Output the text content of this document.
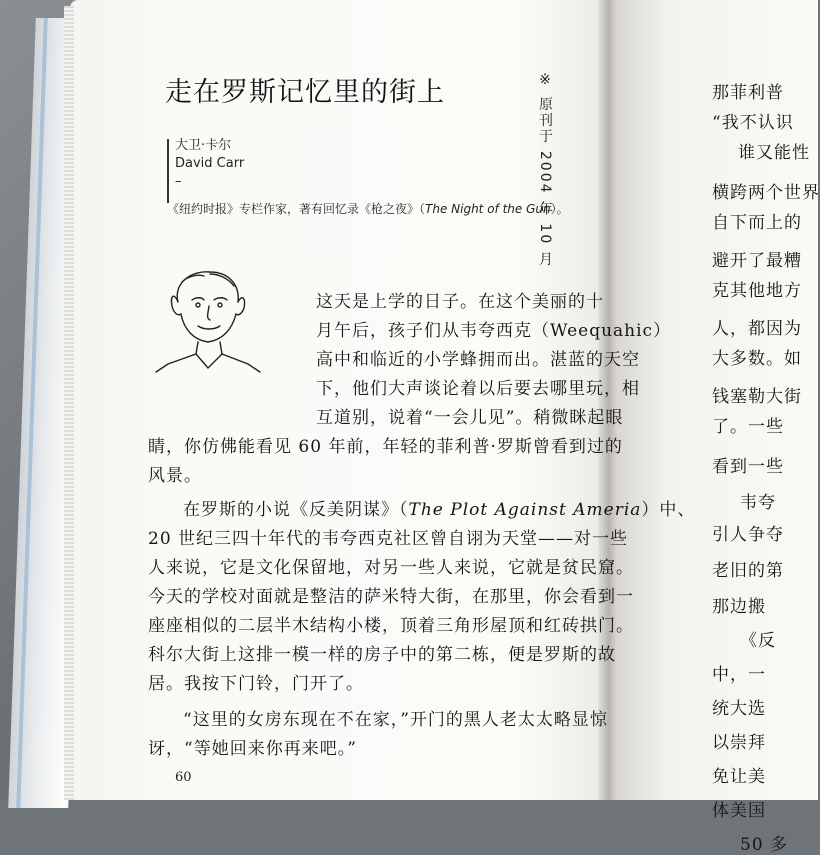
走在罗斯记忆里的街上	※ 原刊于 2004 年 10 月
大卫·卡尔
David Carr
–
《纽约时报》专栏作家，著有回忆录《枪之夜》（The Night of the Gun）。
这天是上学的日子。在这个美丽的十
月午后，孩子们从韦夸西克（Weequahic）
高中和临近的小学蜂拥而出。湛蓝的天空
下，他们大声谈论着以后要去哪里玩，相
互道别，说着“一会儿见”。稍微眯起眼
睛，你仿佛能看见 60 年前，年轻的菲利普·罗斯曾看到过的
风景。
在罗斯的小说《反美阴谋》（The Plot Against Ameria）中、
20 世纪三四十年代的韦夸西克社区曾自诩为天堂——对一些
人来说，它是文化保留地，对另一些人来说，它就是贫民窟。
今天的学校对面就是整洁的萨米特大街，在那里，你会看到一
座座相似的二层半木结构小楼，顶着三角形屋顶和红砖拱门。
科尔大街上这排一模一样的房子中的第二栋，便是罗斯的故
居。我按下门铃，门开了。
“这里的女房东现在不在家，”开门的黑人老太太略显惊
讶，“等她回来你再来吧。”
60
那菲利普
“我不认识
谁又能性
横跨两个世界
自下而上的
避开了最糟
克其他地方
人，都因为
大多数。如
钱塞勒大街
了。一些
看到一些
韦夸
引人争夺
老旧的第
那边搬
《反
中，一
统大选
以崇拜
免让美
体美国
50 多
